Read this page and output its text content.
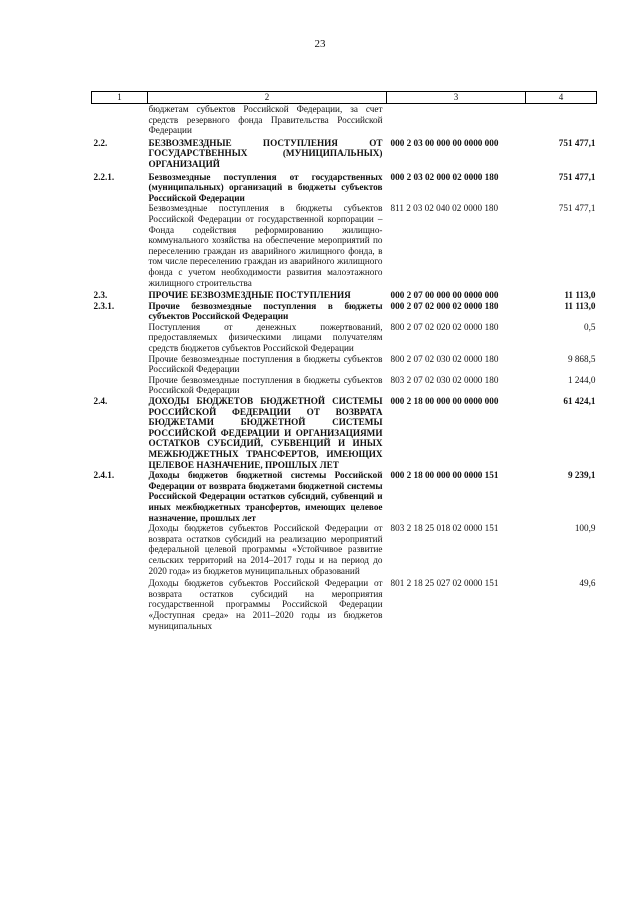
23
1	2	3	4
	бюджетам субъектов Российской Федерации, за счет средств резервного фонда Правительства Российской Федерации		
2.2.	БЕЗВОЗМЕЗДНЫЕ ПОСТУПЛЕНИЯ ОТ ГОСУДАРСТВЕННЫХ (МУНИЦИПАЛЬНЫХ) ОРГАНИЗАЦИЙ	000 2 03 00 000 00 0000 000	751 477,1
2.2.1.	Безвозмездные поступления от государственных (муниципальных) организаций в бюджеты субъектов Российской Федерации	000 2 03 02 000 02 0000 180	751 477,1
	Безвозмездные поступления в бюджеты субъектов Российской Федерации от государственной корпорации – Фонда содействия реформированию жилищно-коммунального хозяйства на обеспечение мероприятий по переселению граждан из аварийного жилищного фонда, в том числе переселению граждан из аварийного жилищного фонда с учетом необходимости развития малоэтажного жилищного строительства	811 2 03 02 040 02 0000 180	751 477,1
2.3.	ПРОЧИЕ БЕЗВОЗМЕЗДНЫЕ ПОСТУПЛЕНИЯ	000 2 07 00 000 00 0000 000	11 113,0
2.3.1.	Прочие безвозмездные поступления в бюджеты субъектов Российской Федерации	000 2 07 02 000 02 0000 180	11 113,0
	Поступления от денежных пожертвований, предоставляемых физическими лицами получателям средств бюджетов субъектов Российской Федерации	800 2 07 02 020 02 0000 180	0,5
	Прочие безвозмездные поступления в бюджеты субъектов Российской Федерации	800 2 07 02 030 02 0000 180	9 868,5
	Прочие безвозмездные поступления в бюджеты субъектов Российской Федерации	803 2 07 02 030 02 0000 180	1 244,0
2.4.	ДОХОДЫ БЮДЖЕТОВ БЮДЖЕТНОЙ СИСТЕМЫ РОССИЙСКОЙ ФЕДЕРАЦИИ ОТ ВОЗВРАТА БЮДЖЕТАМИ БЮДЖЕТНОЙ СИСТЕМЫ РОССИЙСКОЙ ФЕДЕРАЦИИ И ОРГАНИЗАЦИЯМИ ОСТАТКОВ СУБСИДИЙ, СУБВЕНЦИЙ И ИНЫХ МЕЖБЮДЖЕТНЫХ ТРАНСФЕРТОВ, ИМЕЮЩИХ ЦЕЛЕВОЕ НАЗНАЧЕНИЕ, ПРОШЛЫХ ЛЕТ	000 2 18 00 000 00 0000 000	61 424,1
2.4.1.	Доходы бюджетов бюджетной системы Российской Федерации от возврата бюджетами бюджетной системы Российской Федерации остатков субсидий, субвенций и иных межбюджетных трансфертов, имеющих целевое назначение, прошлых лет	000 2 18 00 000 00 0000 151	9 239,1
	Доходы бюджетов субъектов Российской Федерации от возврата остатков субсидий на реализацию мероприятий федеральной целевой программы «Устойчивое развитие сельских территорий на 2014–2017 годы и на период до 2020 года» из бюджетов муниципальных образований	803 2 18 25 018 02 0000 151	100,9
	Доходы бюджетов субъектов Российской Федерации от возврата остатков субсидий на мероприятия государственной программы Российской Федерации «Доступная среда» на 2011–2020 годы из бюджетов муниципальных	801 2 18 25 027 02 0000 151	49,6
